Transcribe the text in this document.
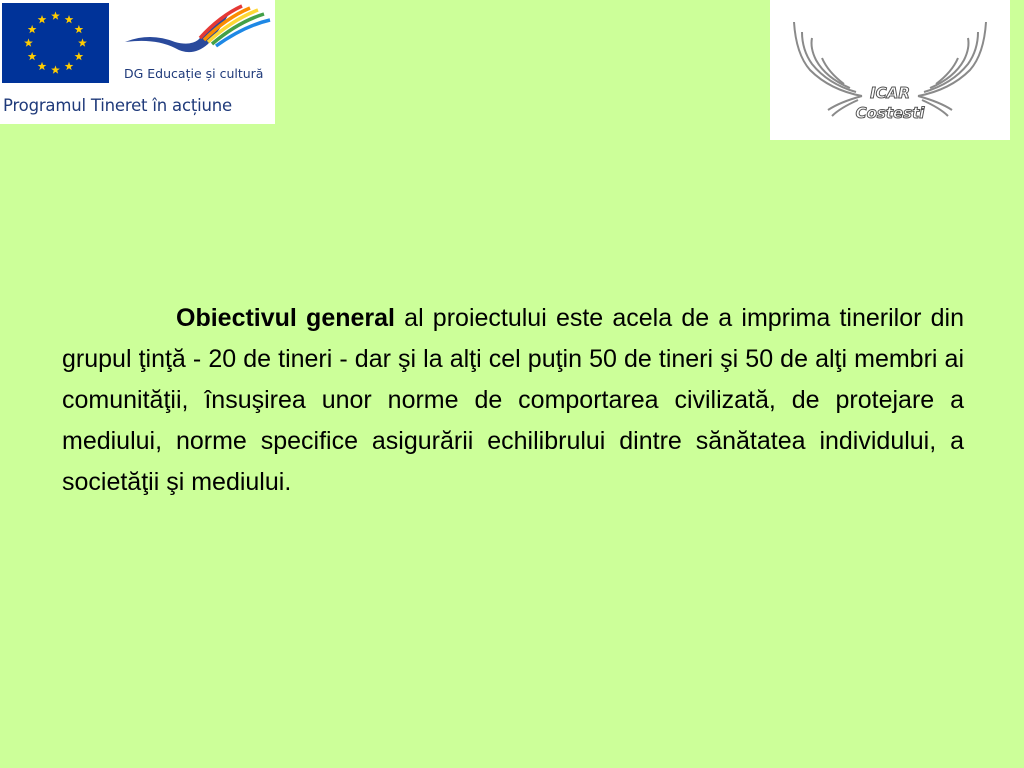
DG Educație și cultură
Programul Tineret în acțiune
ICAR
Costesti

Obiectivul general al proiectului este acela de a imprima tinerilor din grupul ţinţă - 20 de tineri - dar şi la alţi cel puţin 50 de tineri şi 50 de alţi membri ai comunităţii, însuşirea unor norme de comportarea civilizată, de protejare a mediului, norme specifice asigurării echilibrului dintre sănătatea individului, a societăţii şi mediului.
